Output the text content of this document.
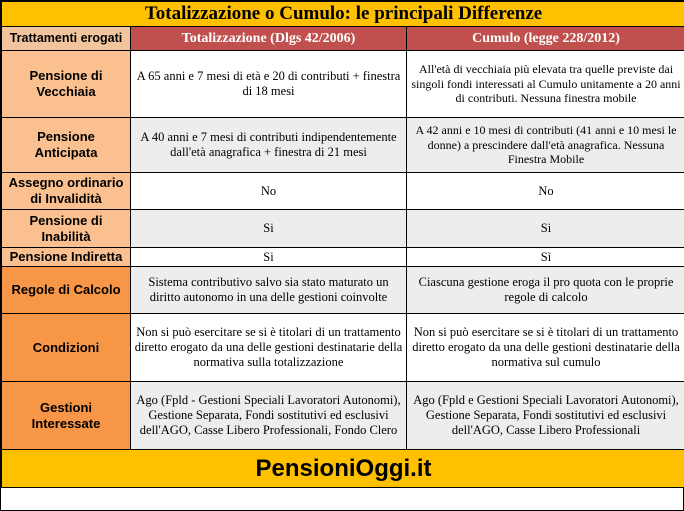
Totalizzazione o Cumulo: le principali Differenze		
Trattamenti erogati	Totalizzazione (Dlgs 42/2006)	Cumulo (legge 228/2012)
Pensione di Vecchiaia	A 65 anni e 7 mesi di età e 20 di contributi + finestra di 18 mesi	All'età di vecchiaia più elevata tra quelle previste dai singoli fondi interessati al Cumulo unitamente a 20 anni di contributi. Nessuna finestra mobile
Pensione Anticipata	A 40 anni e 7 mesi di contributi indipendentemente dall'età anagrafica + finestra di 21 mesi	A 42 anni e 10 mesi di contributi (41 anni e 10 mesi le donne) a prescindere dall'età anagrafica. Nessuna Finestra Mobile
Assegno ordinario di Invalidità	No	No
Pensione di Inabilità	Si	Si
Pensione Indiretta	Si	Sì
Regole di Calcolo	Sistema contributivo salvo sia stato maturato un diritto autonomo in una delle gestioni coinvolte	Ciascuna gestione eroga il pro quota con le proprie regole di calcolo
Condizioni	Non si può esercitare se si è titolari di un trattamento diretto erogato da una delle gestioni destinatarie della normativa sulla totalizzazione	Non si può esercitare se si è titolari di un trattamento diretto erogato da una delle gestioni destinatarie della normativa sul cumulo
Gestioni Interessate	Ago (Fpld - Gestioni Speciali Lavoratori Autonomi), Gestione Separata, Fondi sostitutivi ed esclusivi dell'AGO, Casse Libero Professionali, Fondo Clero	Ago (Fpld e Gestioni Speciali Lavoratori Autonomi), Gestione Separata, Fondi sostitutivi ed esclusivi dell'AGO, Casse Libero Professionali
PensioniOggi.it		
